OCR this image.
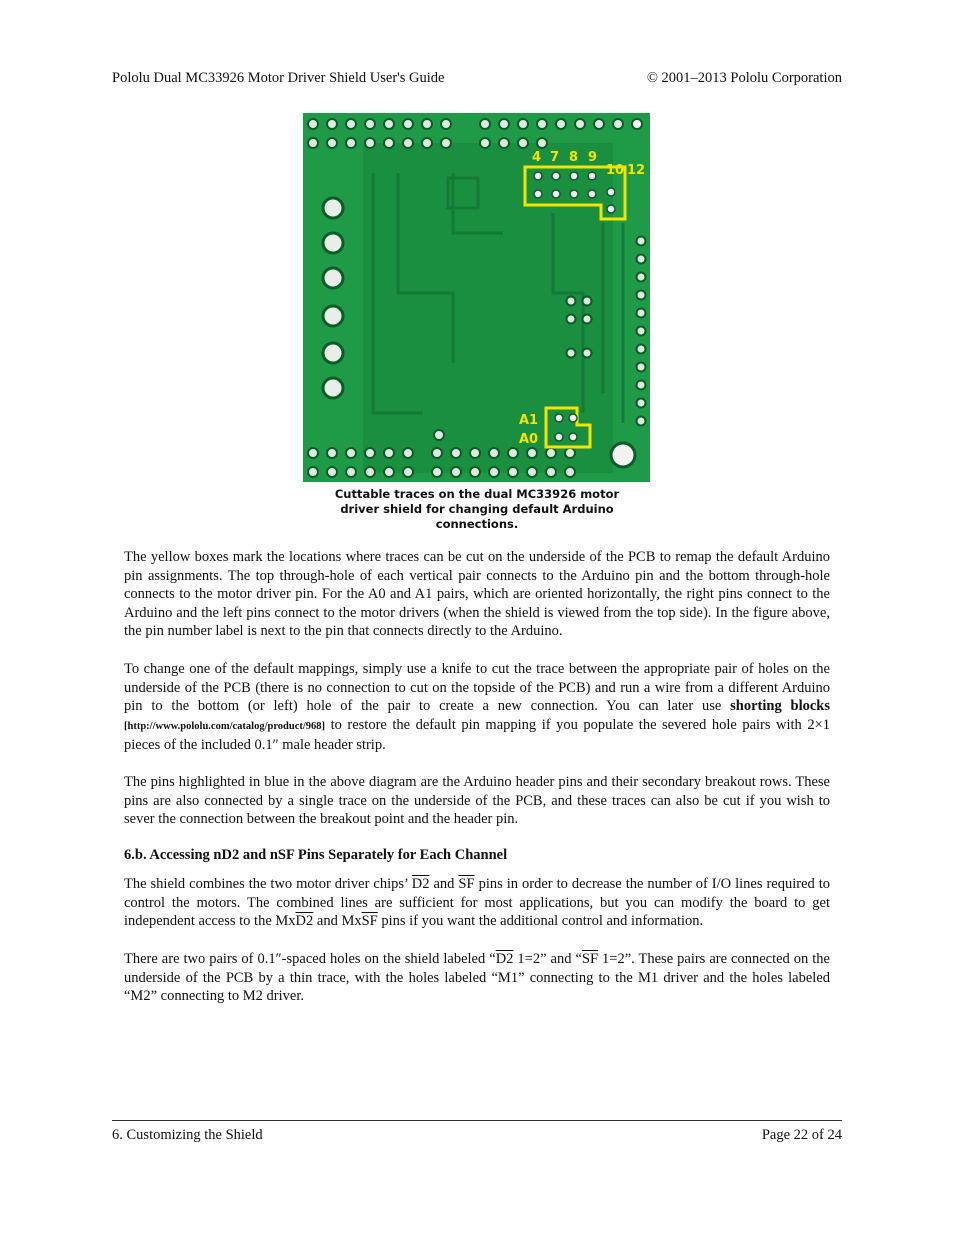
Pololu Dual MC33926 Motor Driver Shield User's Guide	© 2001–2013 Pololu Corporation
4 7 8 9
10 12
A1
A0
Cuttable traces on the dual MC33926 motor driver shield for changing default Arduino connections.
The yellow boxes mark the locations where traces can be cut on the underside of the PCB to remap the default Arduino pin assignments. The top through-hole of each vertical pair connects to the Arduino pin and the bottom through-hole connects to the motor driver pin. For the A0 and A1 pairs, which are oriented horizontally, the right pins connect to the Arduino and the left pins connect to the motor drivers (when the shield is viewed from the top side). In the figure above, the pin number label is next to the pin that connects directly to the Arduino.
To change one of the default mappings, simply use a knife to cut the trace between the appropriate pair of holes on the underside of the PCB (there is no connection to cut on the topside of the PCB) and run a wire from a different Arduino pin to the bottom (or left) hole of the pair to create a new connection. You can later use shorting blocks [http://www.pololu.com/catalog/product/968] to restore the default pin mapping if you populate the severed hole pairs with 2×1 pieces of the included 0.1″ male header strip.
The pins highlighted in blue in the above diagram are the Arduino header pins and their secondary breakout rows. These pins are also connected by a single trace on the underside of the PCB, and these traces can also be cut if you wish to sever the connection between the breakout point and the header pin.
6.b. Accessing nD2 and nSF Pins Separately for Each Channel
The shield combines the two motor driver chips’ D2 and $\overline{SF}$ pins in order to decrease the number of I/O lines required to control the motors. The combined lines are sufficient for most applications, but you can modify the board to get independent access to the MxD2 and $Mx\overline{SF}$ pins if you want the additional control and information.
There are two pairs of 0.1″-spaced holes on the shield labeled “D2 1=2” and “$\overline{SF}$ 1=2”. These pairs are connected on the underside of the PCB by a thin trace, with the holes labeled “M1” connecting to the M1 driver and the holes labeled “M2” connecting to M2 driver.
6. Customizing the Shield	Page 22 of 24
